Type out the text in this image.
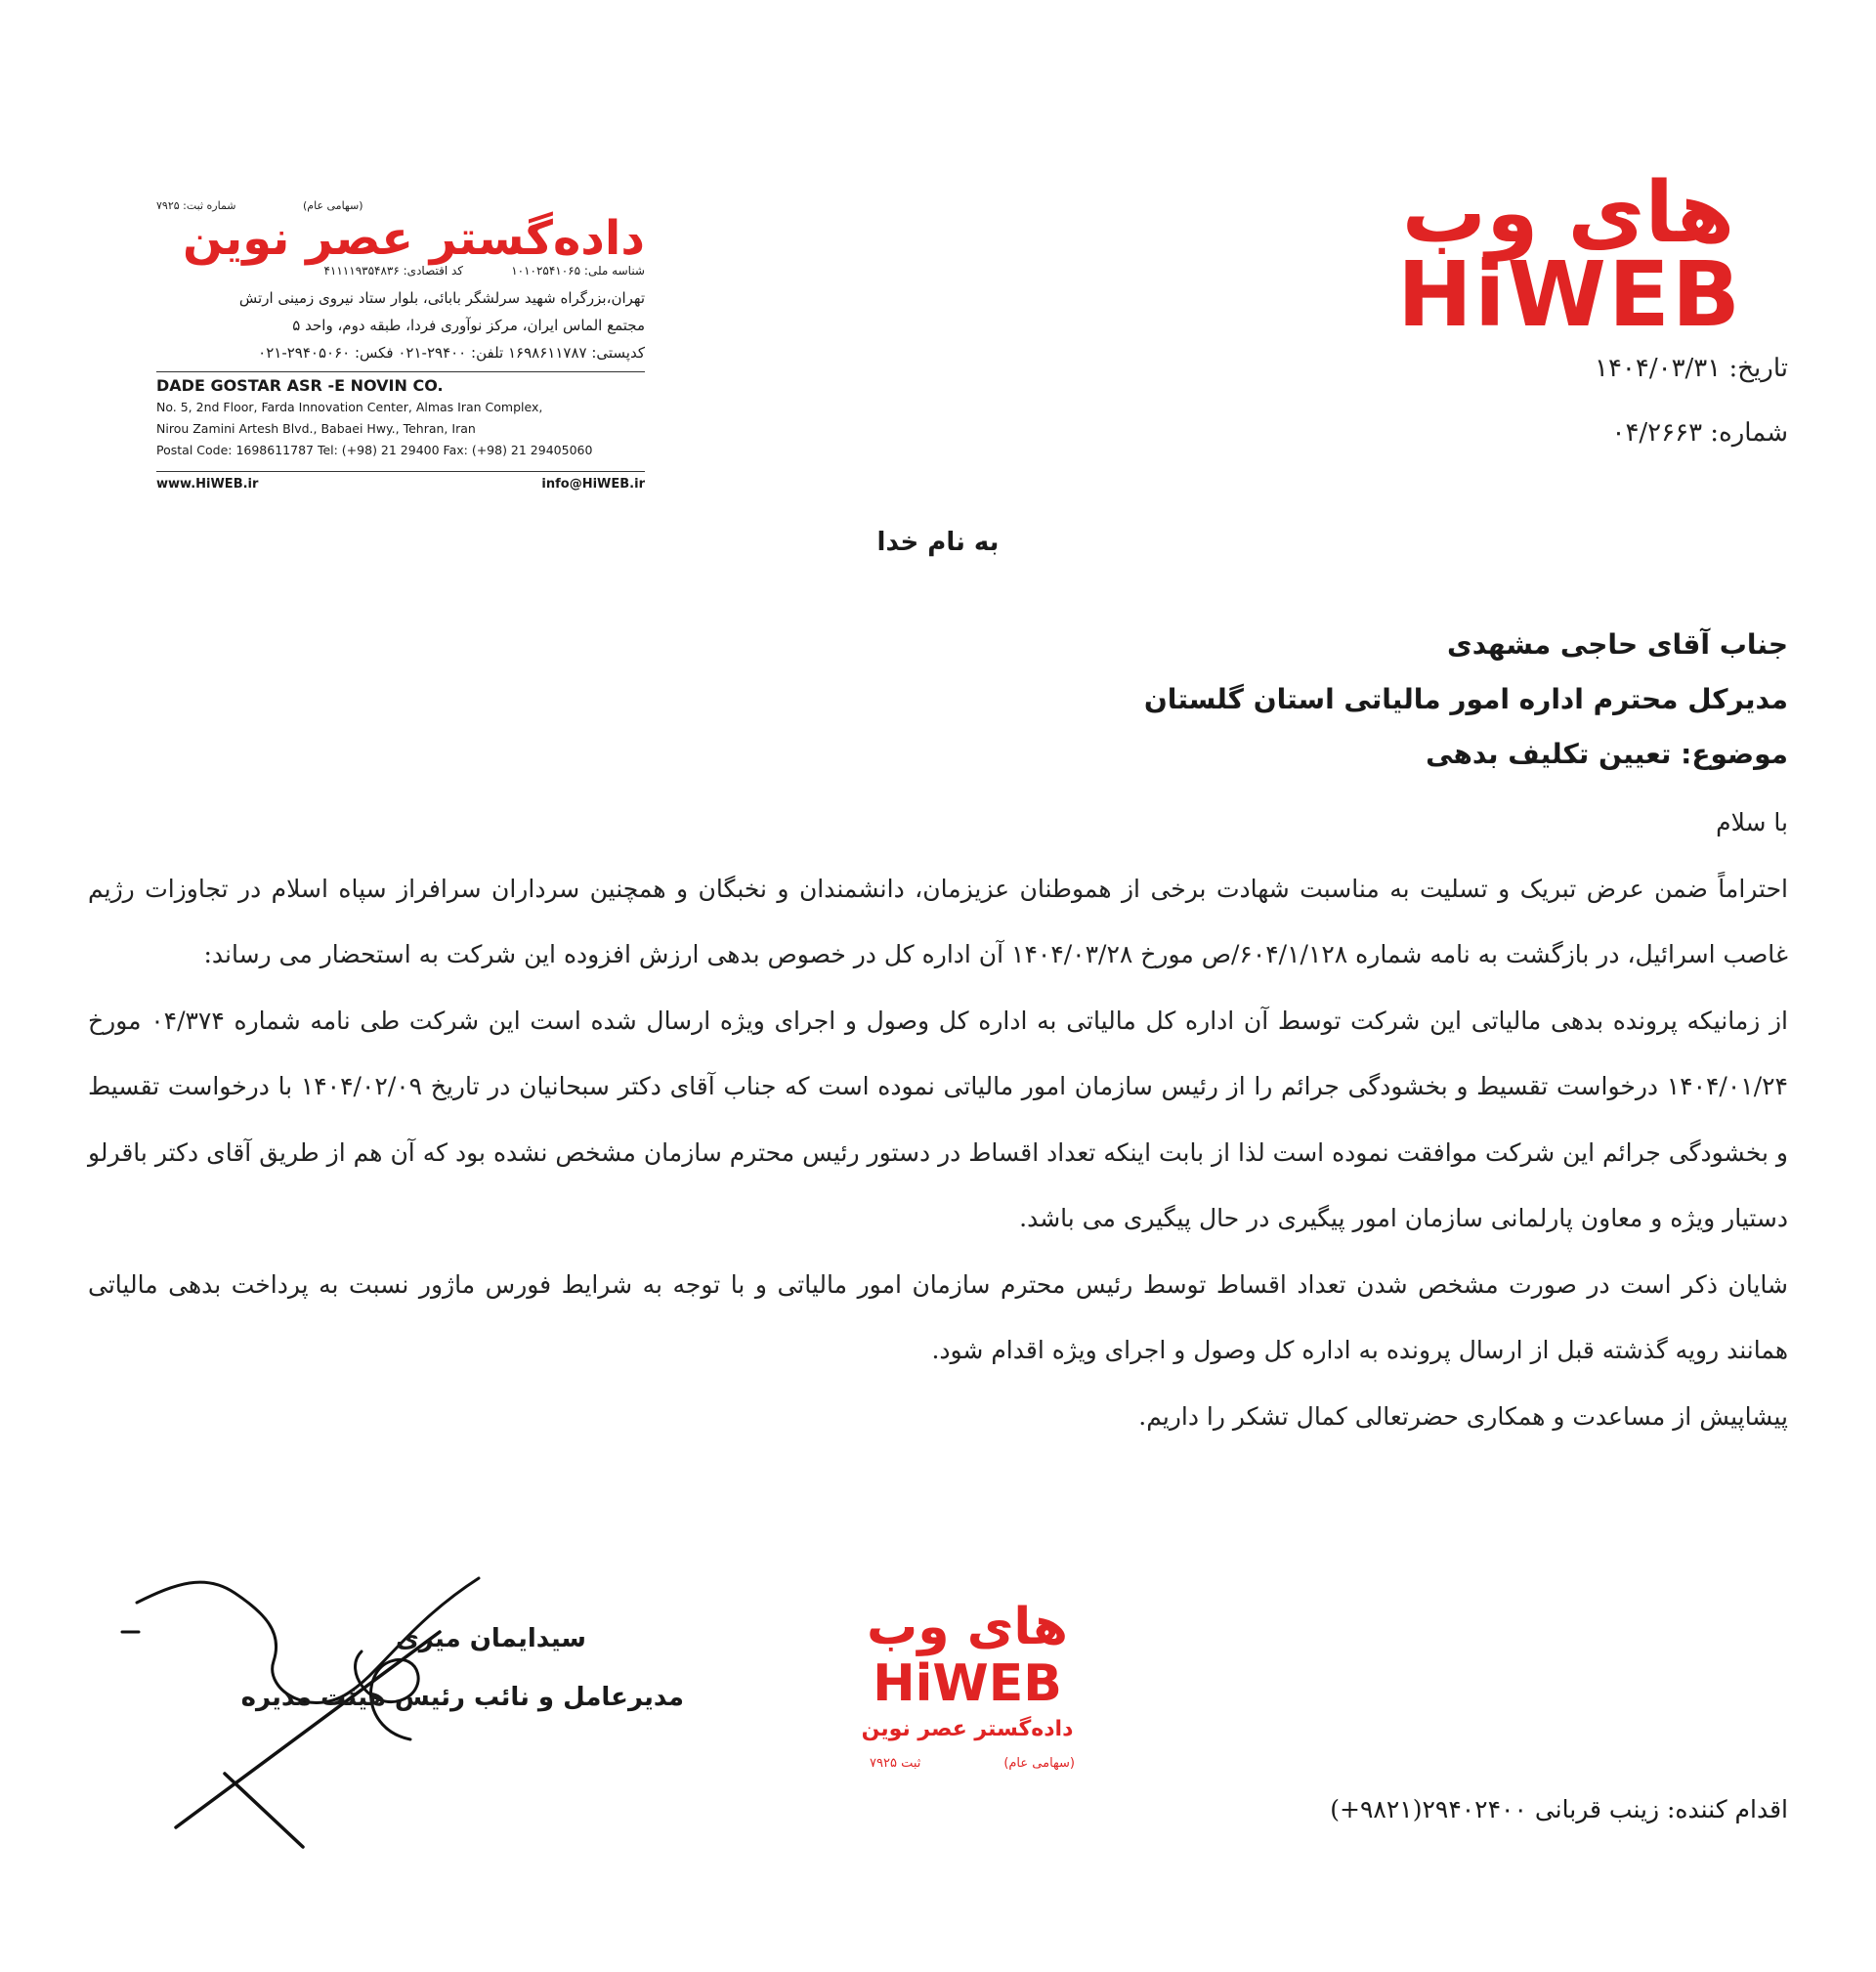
های وب
HiWEB
شماره ثبت: ۷۹۲۵	(سهامی عام)
داده‌گستر عصر نوین
شناسه ملی: ۱۰۱۰۲۵۴۱۰۶۵
کد اقتصادی: ۴۱۱۱۱۹۳۵۴۸۳۶
تهران،بزرگراه شهید سرلشگر بابائی، بلوار ستاد نیروی زمینی ارتش
مجتمع الماس ایران، مرکز نوآوری فردا، طبقه دوم، واحد ۵
کدپستی: ۱۶۹۸۶۱۱۷۸۷ تلفن: ۲۹۴۰۰-۰۲۱ فکس: ۲۹۴۰۵۰۶۰-۰۲۱
DADE GOSTAR ASR -E NOVIN CO.
No. 5, 2nd Floor, Farda Innovation Center, Almas Iran Complex,
Nirou Zamini Artesh Blvd., Babaei Hwy., Tehran, Iran
Postal Code: 1698611787 Tel: (+98) 21 29400 Fax: (+98) 21 29405060
www.HiWEB.ir	info@HiWEB.ir
تاریخ: ۱۴۰۴/۰۳/۳۱
شماره: ۰۴/۲۶۶۳
به نام خدا
جناب آقای حاجی مشهدی
مدیرکل محترم اداره امور مالیاتی استان گلستان
موضوع: تعیین تکلیف بدهی

با سلام

احتراماً ضمن عرض تبریک و تسلیت به مناسبت شهادت برخی از هموطنان عزیزمان، دانشمندان و نخبگان و همچنین سرداران سرافراز سپاه اسلام در تجاوزات رژیم غاصب اسرائیل، در بازگشت به نامه شماره ۶۰۴/۱/۱۲۸/ص مورخ ۱۴۰۴/۰۳/۲۸ آن اداره کل در خصوص بدهی ارزش افزوده این شرکت به استحضار می رساند:

از زمانیکه پرونده بدهی مالیاتی این شرکت توسط آن اداره کل مالیاتی به اداره کل وصول و اجرای ویژه ارسال شده است این شرکت طی نامه شماره ۰۴/۳۷۴ مورخ ۱۴۰۴/۰۱/۲۴ درخواست تقسیط و بخشودگی جرائم را از رئیس سازمان امور مالیاتی نموده است که جناب آقای دکتر سبحانیان در تاریخ ۱۴۰۴/۰۲/۰۹ با درخواست تقسیط و بخشودگی جرائم این شرکت موافقت نموده است لذا از بابت اینکه تعداد اقساط در دستور رئیس محترم سازمان مشخص نشده بود که آن هم از طریق آقای دکتر باقرلو دستیار ویژه و معاون پارلمانی سازمان امور پیگیری در حال پیگیری می باشد.

شایان ذکر است در صورت مشخص شدن تعداد اقساط توسط رئیس محترم سازمان امور مالیاتی و با توجه به شرایط فورس ماژور نسبت به پرداخت بدهی مالیاتی همانند رویه گذشته قبل از ارسال پرونده به اداره کل وصول و اجرای ویژه اقدام شود.

پیشاپیش از مساعدت و همکاری حضرتعالی کمال تشکر را داریم.

سیدایمان میری
مدیرعامل و نائب رئیس هیئت مدیره
های وب
HiWEB
داده‌گستر عصر نوین
(سهامی عام)
ثبت ۷۹۲۵
اقدام کننده: زینب قربانی ۲۹۴۰۲۴۰۰(۹۸۲۱+)
